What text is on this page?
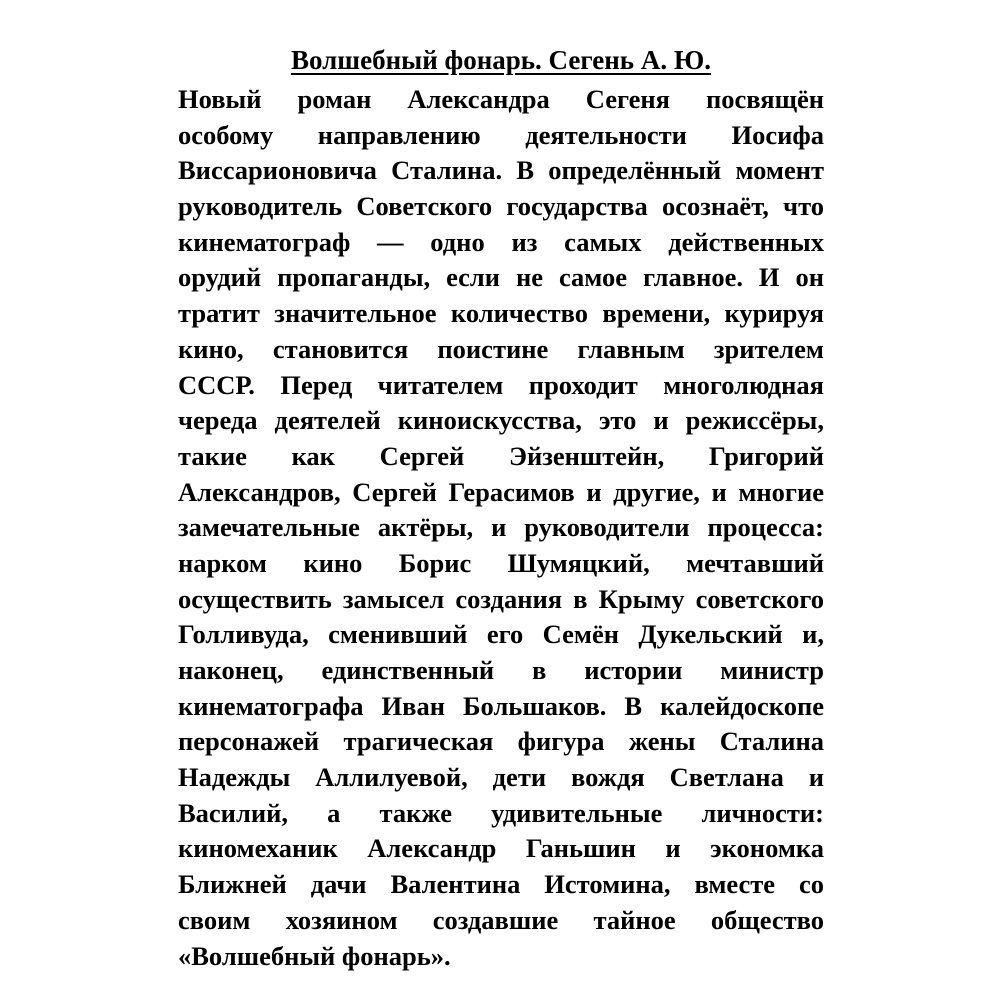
Волшебный фонарь. Сегень А. Ю.
Новый роман Александра Сегеня посвящён
особому направлению деятельности Иосифа
Виссарионовича Сталина. В определённый момент
руководитель Советского государства осознаёт, что
кинематограф — одно из самых действенных
орудий пропаганды, если не самое главное. И он
тратит значительное количество времени, курируя
кино, становится поистине главным зрителем
СССР. Перед читателем проходит многолюдная
череда деятелей киноискусства, это и режиссёры,
такие как Сергей Эйзенштейн, Григорий
Александров, Сергей Герасимов и другие, и многие
замечательные актёры, и руководители процесса:
нарком кино Борис Шумяцкий, мечтавший
осуществить замысел создания в Крыму советского
Голливуда, сменивший его Семён Дукельский и,
наконец, единственный в истории министр
кинематографа Иван Большаков. В калейдоскопе
персонажей трагическая фигура жены Сталина
Надежды Аллилуевой, дети вождя Светлана и
Василий, а также удивительные личности:
киномеханик Александр Ганьшин и экономка
Ближней дачи Валентина Истомина, вместе со
своим хозяином создавшие тайное общество
«Волшебный фонарь».
